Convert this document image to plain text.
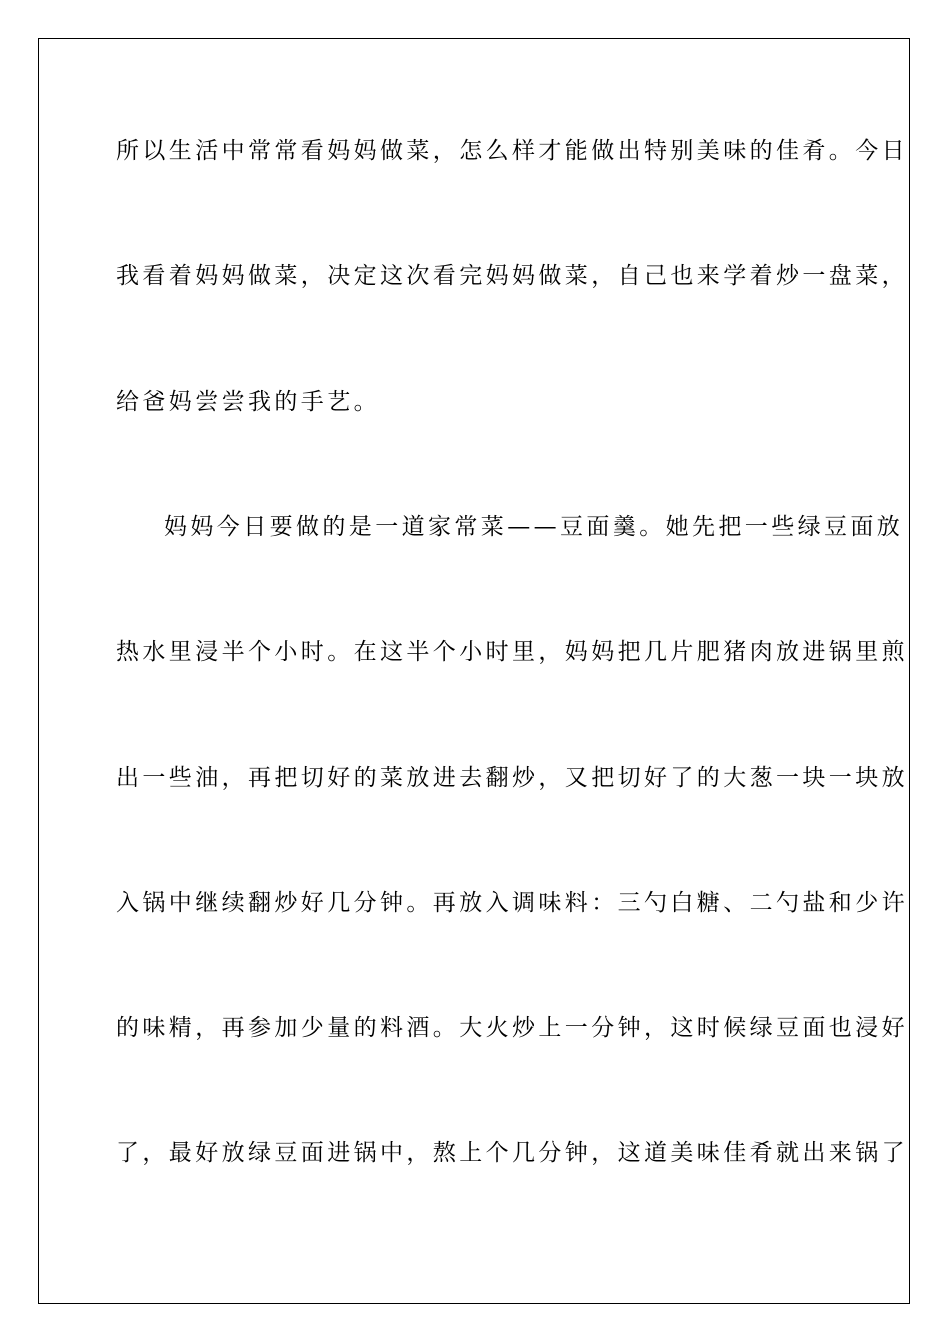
所以生活中常常看妈妈做菜，怎么样才能做出特别美味的佳肴。今日
我看着妈妈做菜，决定这次看完妈妈做菜，自己也来学着炒一盘菜，
给爸妈尝尝我的手艺。
妈妈今日要做的是一道家常菜——豆面羹。她先把一些绿豆面放
热水里浸半个小时。在这半个小时里，妈妈把几片肥猪肉放进锅里煎
出一些油，再把切好的菜放进去翻炒，又把切好了的大葱一块一块放
入锅中继续翻炒好几分钟。再放入调味料：三勺白糖、二勺盐和少许
的味精，再参加少量的料酒。大火炒上一分钟，这时候绿豆面也浸好
了，最好放绿豆面进锅中，熬上个几分钟，这道美味佳肴就出来锅了
